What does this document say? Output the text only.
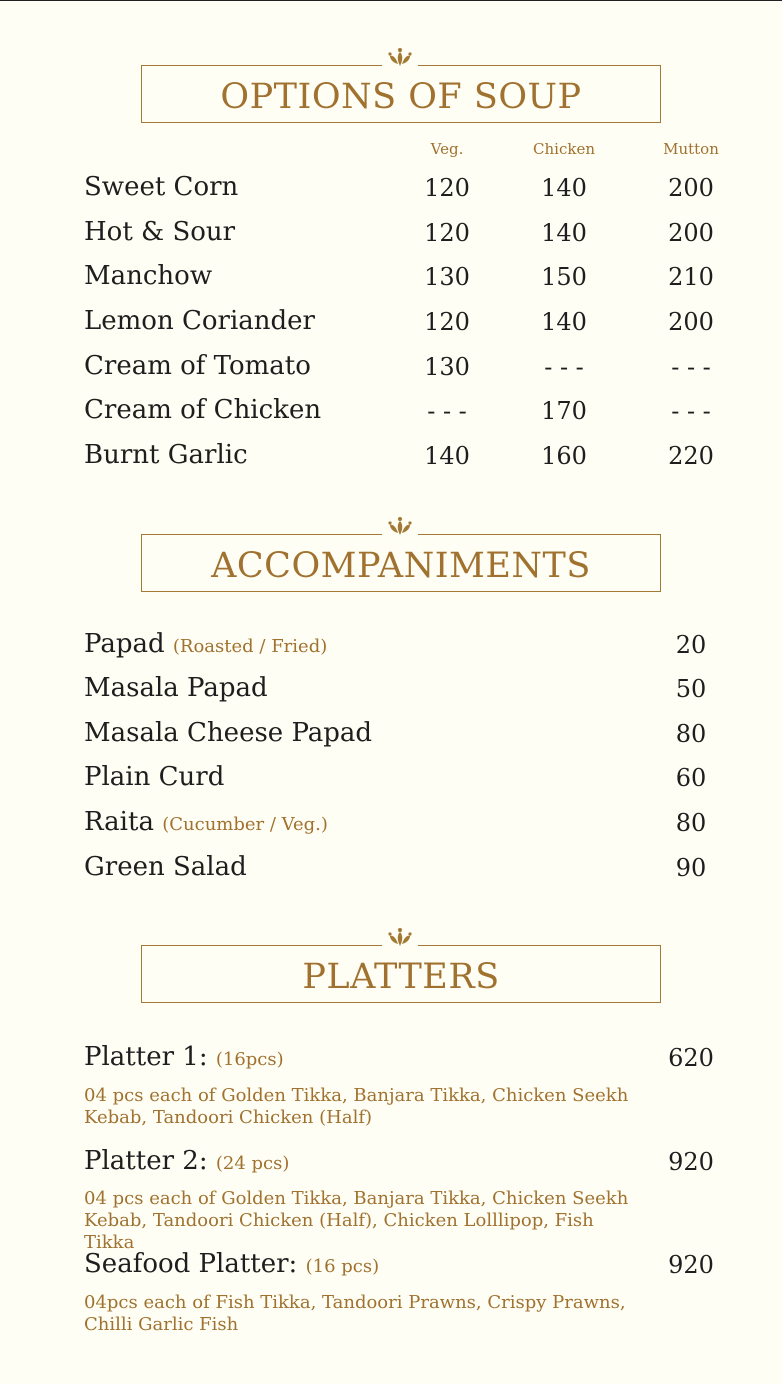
OPTIONS OF SOUP
Veg.	Chicken	Mutton
Sweet Corn	120	140	200
Hot & Sour	120	140	200
Manchow	130	150	210
Lemon Coriander	120	140	200
Cream of Tomato	130	- - -	- - -
Cream of Chicken	- - -	170	- - -
Burnt Garlic	140	160	220
ACCOMPANIMENTS
Papad (Roasted / Fried)	20
Masala Papad	50
Masala Cheese Papad	80
Plain Curd	60
Raita (Cucumber / Veg.)	80
Green Salad	90
PLATTERS
Platter 1: (16pcs)	620
04 pcs each of Golden Tikka, Banjara Tikka, Chicken Seekh
Kebab, Tandoori Chicken (Half)
Platter 2: (24 pcs)	920
04 pcs each of Golden Tikka, Banjara Tikka, Chicken Seekh
Kebab, Tandoori Chicken (Half), Chicken Lolllipop, Fish Tikka
Seafood Platter: (16 pcs)	920
04pcs each of Fish Tikka, Tandoori Prawns, Crispy Prawns,
Chilli Garlic Fish
